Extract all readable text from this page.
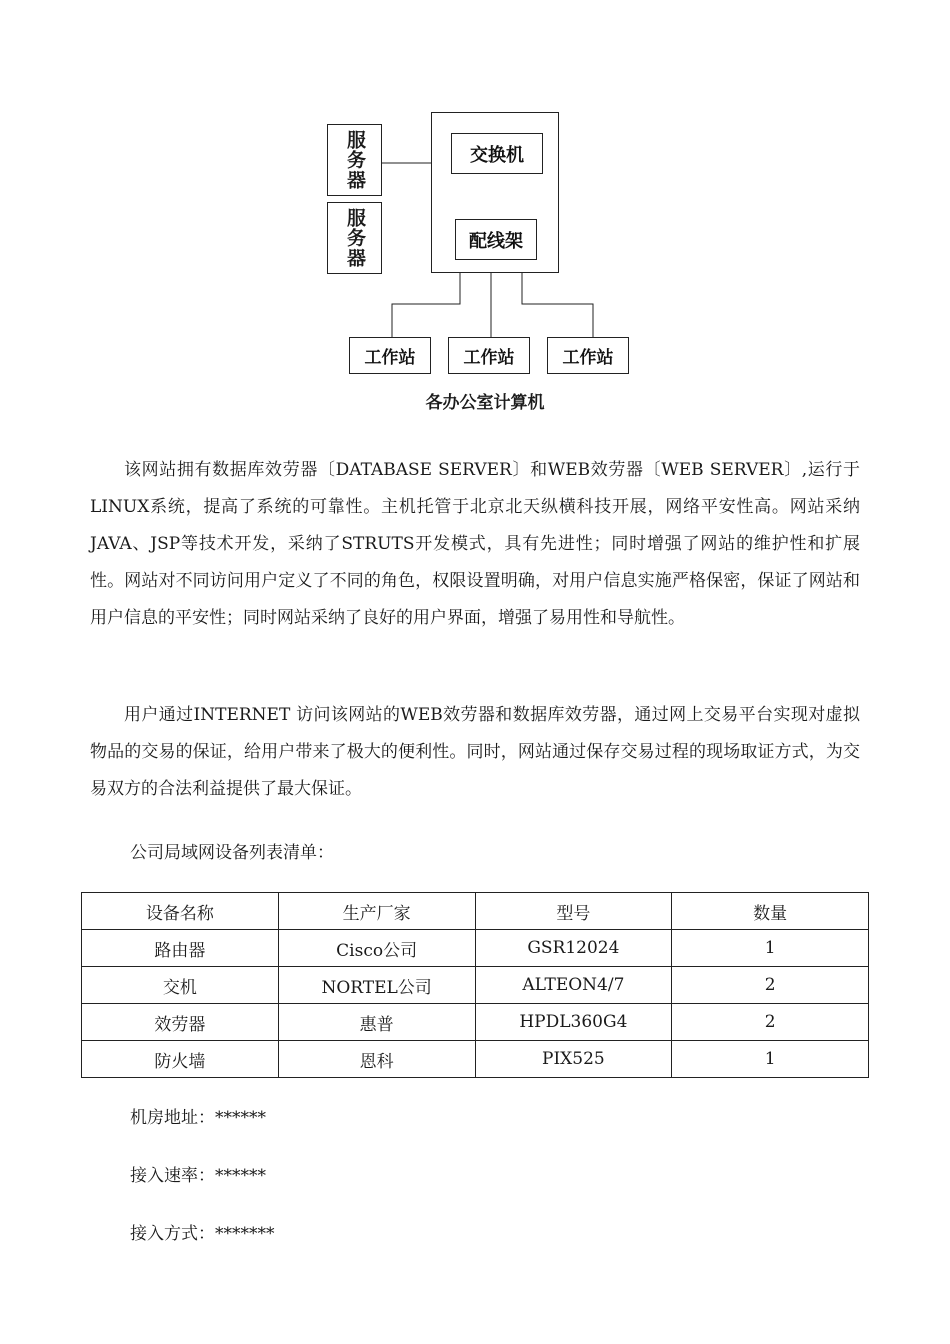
服务器
服务器
交换机
配线架
工作站	工作站	工作站
各办公室计算机

该网站拥有数据库效劳器〔DATABASE SERVER〕和WEB效劳器〔WEB SERVER〕,运行于LINUX系统，提高了系统的可靠性。主机托管于北京北天纵横科技开展，网络平安性高。网站采纳JAVA、JSP等技术开发，采纳了STRUTS开发模式，具有先进性；同时增强了网站的维护性和扩展性。网站对不同访问用户定义了不同的角色，权限设置明确，对用户信息实施严格保密，保证了网站和用户信息的平安性；同时网站采纳了良好的用户界面，增强了易用性和导航性。

用户通过INTERNET 访问该网站的WEB效劳器和数据库效劳器，通过网上交易平台实现对虚拟物品的交易的保证，给用户带来了极大的便利性。同时，网站通过保存交易过程的现场取证方式，为交易双方的合法利益提供了最大保证。

公司局域网设备列表清单：
设备名称	生产厂家	型号	数量
路由器	Cisco公司	GSR12024	1
交机	NORTEL公司	ALTEON4/7	2
效劳器	惠普	HPDL360G4	2
防火墙	恩科	PIX525	1
机房地址：******
接入速率：******
接入方式：*******
